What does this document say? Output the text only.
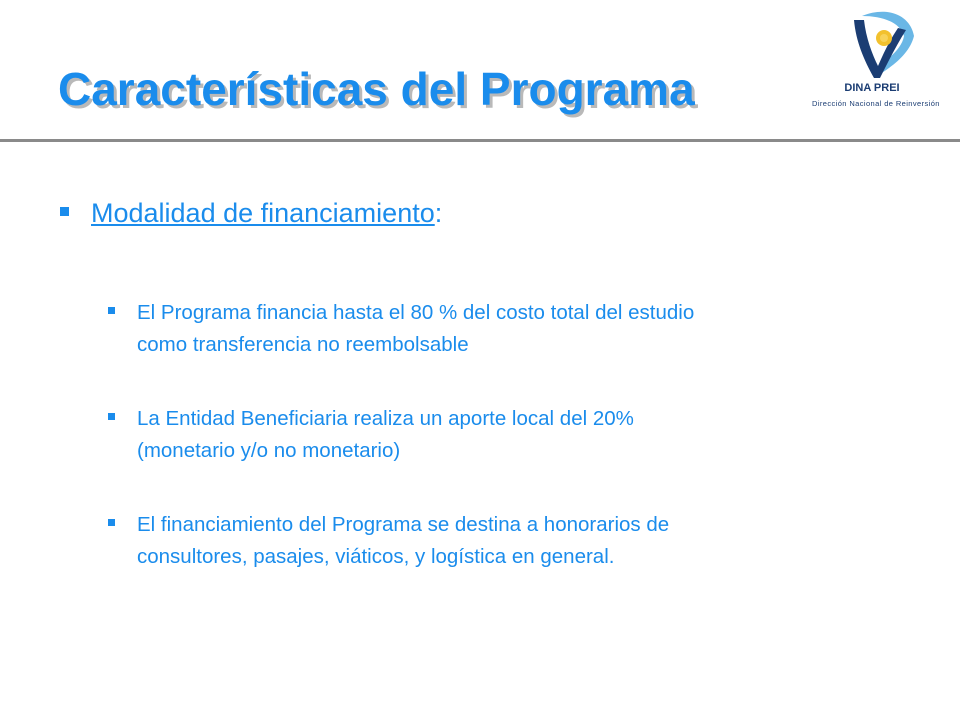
Características del Programa	DINA PREI
Dirección Nacional de Reinversión
Modalidad de financiamiento:
El Programa financia hasta el 80 % del costo total del estudio
como transferencia no reembolsable
La Entidad Beneficiaria realiza un aporte local del 20%
(monetario y/o no monetario)
El financiamiento del Programa se destina a honorarios de
consultores, pasajes, viáticos, y logística en general.
